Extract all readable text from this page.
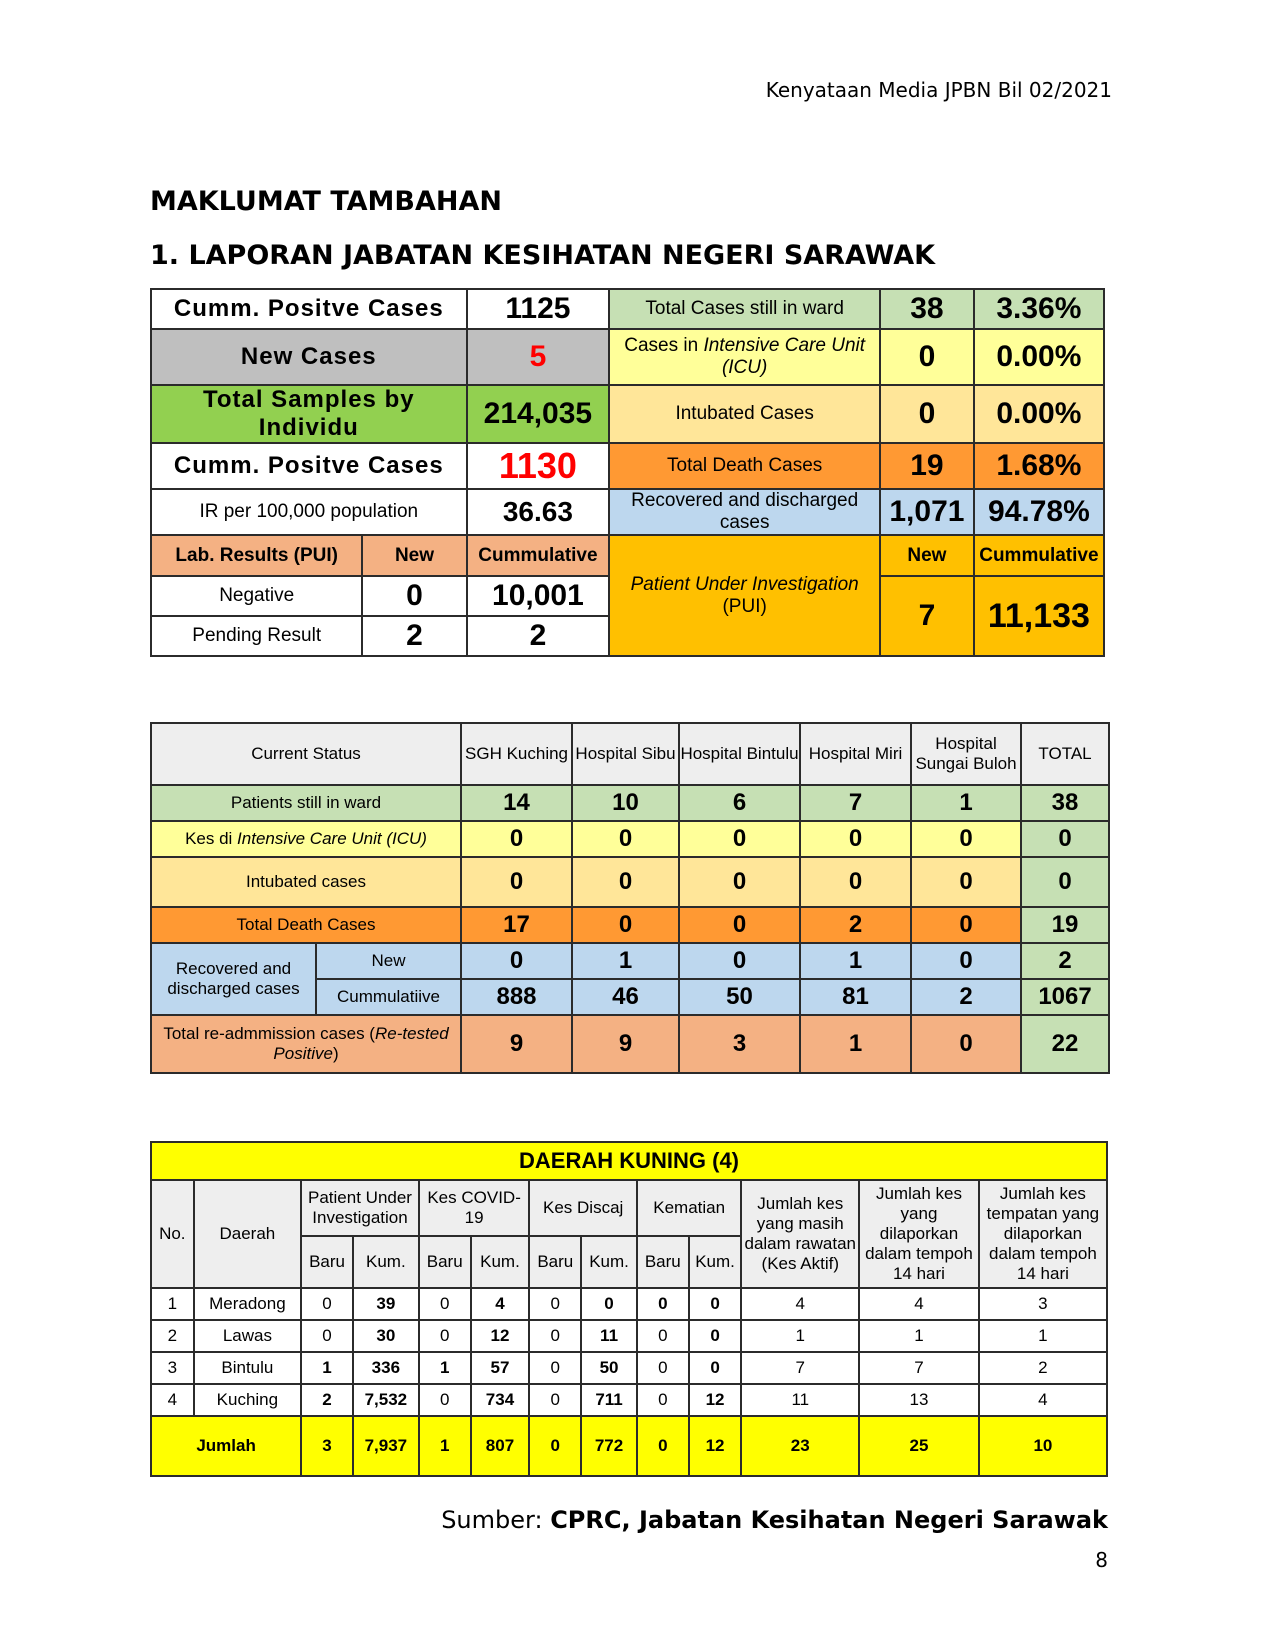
Kenyataan Media JPBN Bil 02/2021
MAKLUMAT TAMBAHAN
1. LAPORAN JABATAN KESIHATAN NEGERI SARAWAK
Cumm. Positve Cases		1125	Total Cases still in ward	38	3.36%
New Cases		5	Cases in Intensive Care Unit (ICU)	0	0.00%
Total Samples by Individu		214,035	Intubated Cases	0	0.00%
Cumm. Positve Cases		1130	Total Death Cases	19	1.68%
IR per 100,000 population		36.63	Recovered and discharged cases	1,071	94.78%
Lab. Results (PUI)	New	Cummulative	Patient Under Investigation (PUI)	New	Cummulative
Negative	0	10,001		7	11,133
Pending Result	2	2			
Current Status		SGH Kuching	Hospital Sibu	Hospital Bintulu	Hospital Miri	Hospital Sungai Buloh	TOTAL
Patients still in ward		14	10	6	7	1	38
Kes di Intensive Care Unit (ICU)		0	0	0	0	0	0
Intubated cases		0	0	0	0	0	0
Total Death Cases		17	0	0	2	0	19
Recovered and discharged cases	New	0	1	0	1	0	2
	Cummulatiive	888	46	50	81	2	1067
Total re-admmission cases (Re-tested Positive)		9	9	3	1	0	22
DAERAH KUNING (4)												
No.	Daerah	Patient Under Investigation		Kes COVID-19		Kes Discaj		Kematian		Jumlah kes yang masih dalam rawatan (Kes Aktif)	Jumlah kes yang dilaporkan dalam tempoh 14 hari	Jumlah kes tempatan yang dilaporkan dalam tempoh 14 hari
		Baru	Kum.	Baru	Kum.	Baru	Kum.	Baru	Kum.			
1	Meradong	0	39	0	4	0	0	0	0	4	4	3
2	Lawas	0	30	0	12	0	11	0	0	1	1	1
3	Bintulu	1	336	1	57	0	50	0	0	7	7	2
4	Kuching	2	7,532	0	734	0	711	0	12	11	13	4
Jumlah		3	7,937	1	807	0	772	0	12	23	25	10
Sumber: CPRC, Jabatan Kesihatan Negeri Sarawak
8
